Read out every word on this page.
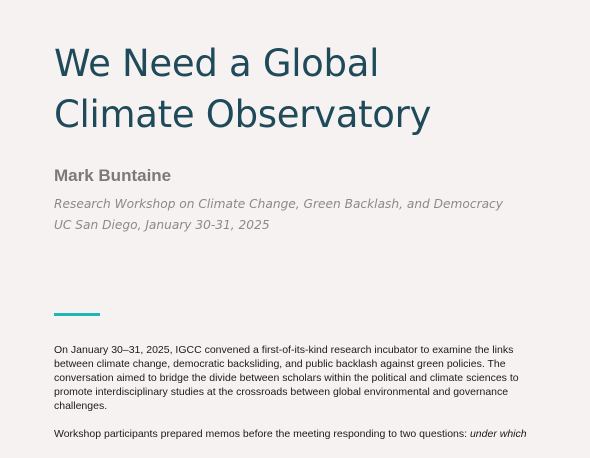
We Need a Global
Climate Observatory
Mark Buntaine
Research Workshop on Climate Change, Green Backlash, and Democracy
UC San Diego, January 30-31, 2025

On January 30–31, 2025, IGCC convened a first-of-its-kind research incubator to examine the links
between climate change, democratic backsliding, and public backlash against green policies. The
conversation aimed to bridge the divide between scholars within the political and climate sciences to
promote interdisciplinary studies at the crossroads between global environmental and governance
challenges.

Workshop participants prepared memos before the meeting responding to two questions: under which
